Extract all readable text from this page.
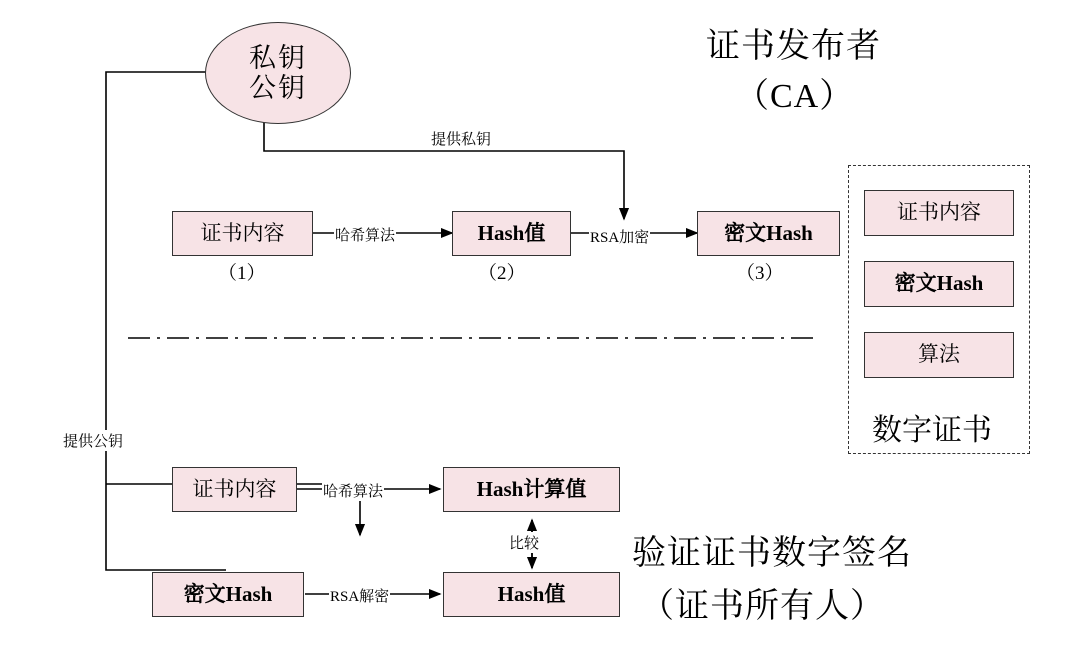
证书发布者
（CA）
验证证书数字签名
（证书所有人）
私钥
公钥
提供私钥
提供公钥
证书内容
（1）
哈希算法	Hash值
（2）
RSA加密	密文Hash
（3）
证书内容
密文Hash
算法
数字证书
证书内容	哈希算法	Hash计算值
比较
密文Hash	RSA解密	Hash值
